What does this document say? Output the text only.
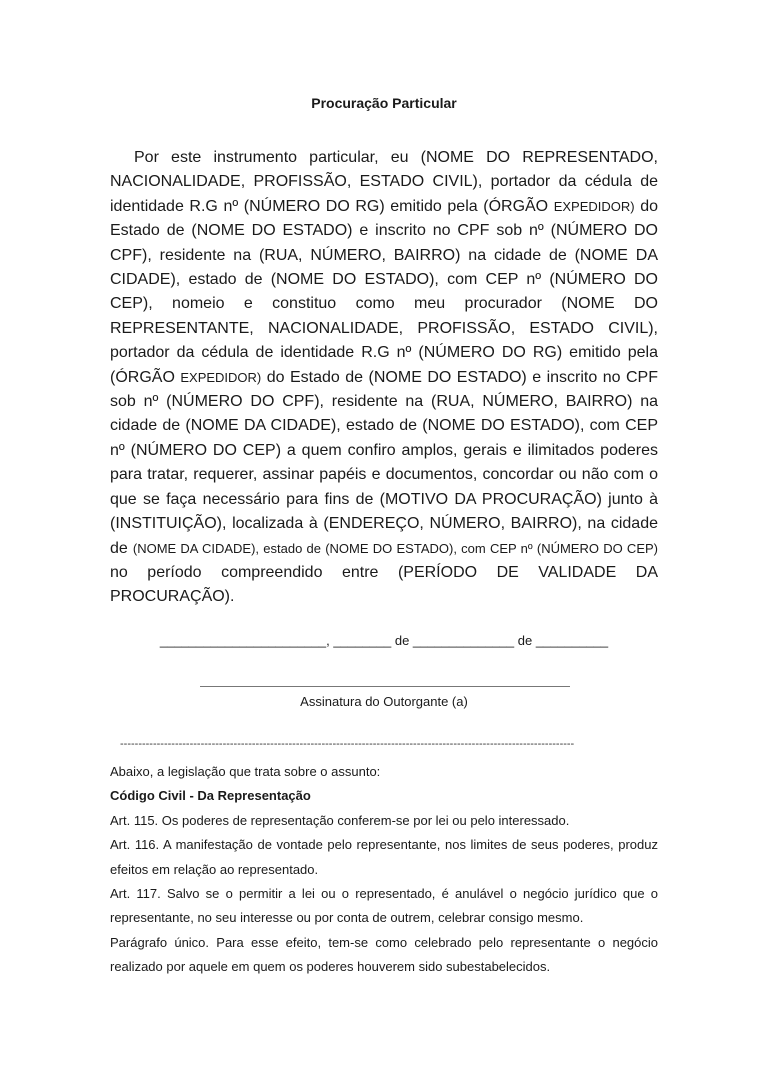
Procuração Particular

Por este instrumento particular, eu (NOME DO REPRESENTADO, NACIONALIDADE, PROFISSÃO, ESTADO CIVIL), portador da cédula de identidade R.G nº (NÚMERO DO RG) emitido pela (ÓRGÃO EXPEDIDOR) do Estado de (NOME DO ESTADO) e inscrito no CPF sob nº (NÚMERO DO CPF), residente na (RUA, NÚMERO, BAIRRO) na cidade de (NOME DA CIDADE), estado de (NOME DO ESTADO), com CEP nº (NÚMERO DO CEP), nomeio e constituo como meu procurador (NOME DO REPRESENTANTE, NACIONALIDADE, PROFISSÃO, ESTADO CIVIL), portador da cédula de identidade R.G nº (NÚMERO DO RG) emitido pela (ÓRGÃO EXPEDIDOR) do Estado de (NOME DO ESTADO) e inscrito no CPF sob nº (NÚMERO DO CPF), residente na (RUA, NÚMERO, BAIRRO) na cidade de (NOME DA CIDADE), estado de (NOME DO ESTADO), com CEP nº (NÚMERO DO CEP) a quem confiro amplos, gerais e ilimitados poderes para tratar, requerer, assinar papéis e documentos, concordar ou não com o que se faça necessário para fins de (MOTIVO DA PROCURAÇÃO) junto à (INSTITUIÇÃO), localizada à (ENDEREÇO, NÚMERO, BAIRRO), na cidade de (NOME DA CIDADE), estado de (NOME DO ESTADO), com CEP nº (NÚMERO DO CEP) no período compreendido entre (PERÍODO DE VALIDADE DA PROCURAÇÃO).

_______________________, ________ de ______________ de __________
Assinatura do Outorgante (a)
----------------------------------------------------------------------------------------------------------------------------

Abaixo, a legislação que trata sobre o assunto:

Código Civil - Da Representação

Art. 115. Os poderes de representação conferem-se por lei ou pelo interessado.

Art. 116. A manifestação de vontade pelo representante, nos limites de seus poderes, produz efeitos em relação ao representado.

Art. 117. Salvo se o permitir a lei ou o representado, é anulável o negócio jurídico que o representante, no seu interesse ou por conta de outrem, celebrar consigo mesmo.

Parágrafo único. Para esse efeito, tem-se como celebrado pelo representante o negócio realizado por aquele em quem os poderes houverem sido subestabelecidos.
